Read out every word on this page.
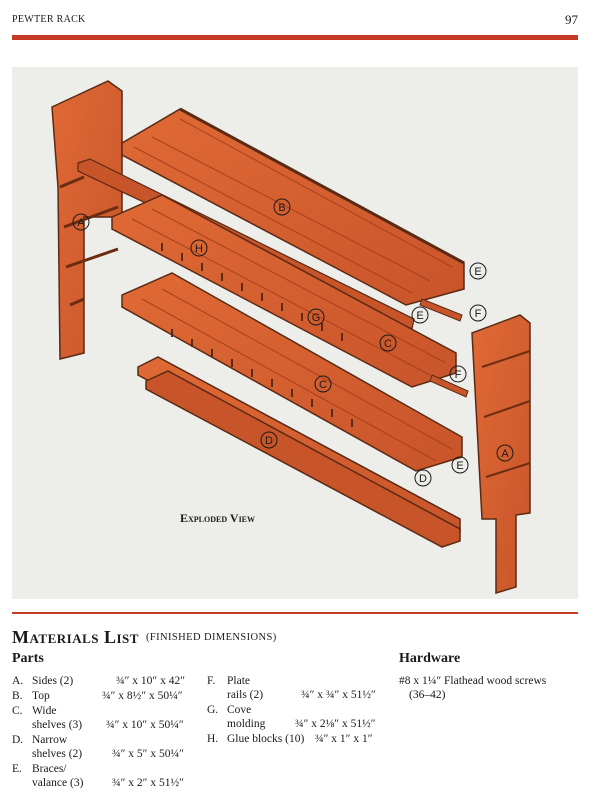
PEWTER RACK	97
A
B
H
E
F
G	E
C
F
C
D
E
D
A
Exploded View
Materials List (FINISHED DIMENSIONS)
Parts	Hardware
A. Sides (2)	¾″ x 10″ x 42″
B. Top	¾″ x 8½″ x 50¼″
C. Wide
shelves (3) ¾″ x 10″ x 50¼″
D. Narrow
shelves (2)	¾″ x 5″ x 50¼″
E. Braces/
valance (3) ¾″ x 2″ x 51½″
F. Plate
rails (2)	¾″ x ¾″ x 51½″
G. Cove
molding	¾″ x 2⅛″ x 51½″
H. Glue blocks (10) ¾″ x 1″ x 1″
#8 x 1¼″ Flathead wood screws
(36–42)
